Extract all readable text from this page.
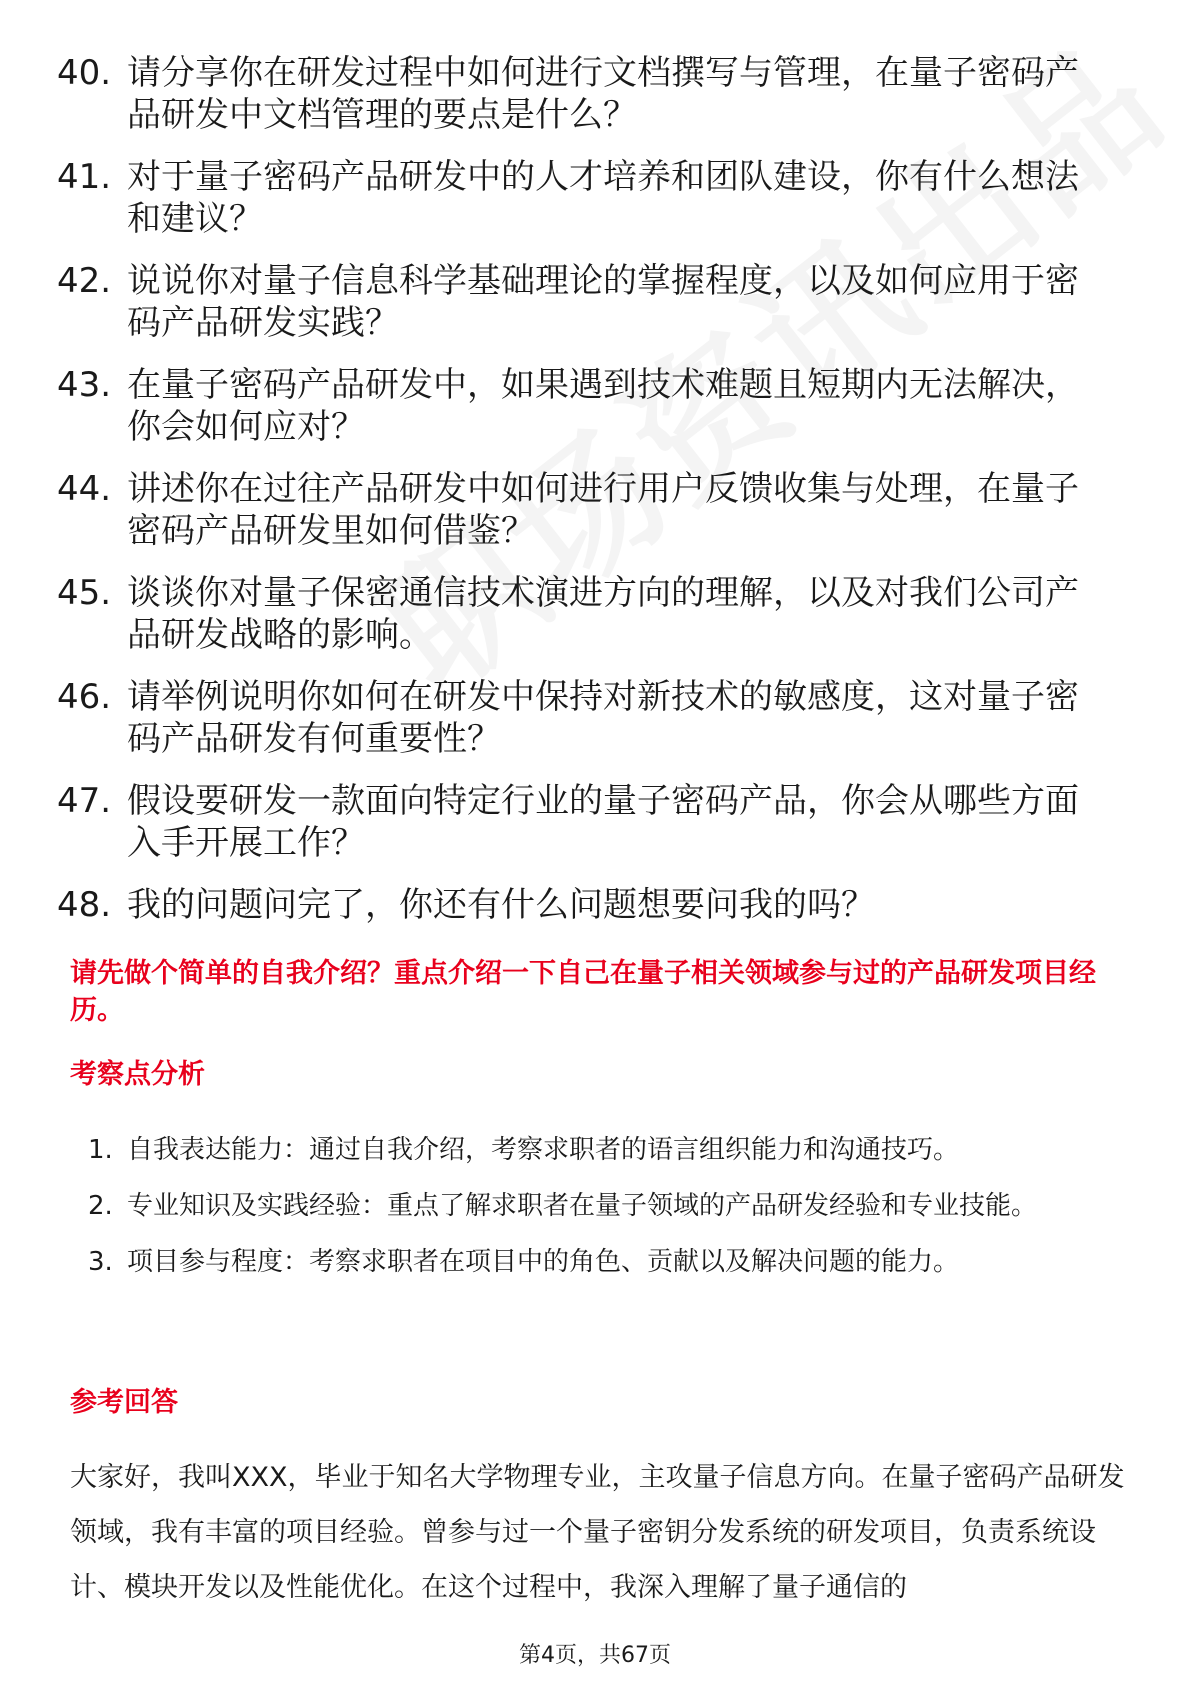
40. 请分享你在研发过程中如何进行文档撰写与管理，在量子密码产品研发中文档管理的要点是什么？
41. 对于量子密码产品研发中的人才培养和团队建设，你有什么想法和建议？
42. 说说你对量子信息科学基础理论的掌握程度，以及如何应用于密码产品研发实践？
43. 在量子密码产品研发中，如果遇到技术难题且短期内无法解决，你会如何应对？
44. 讲述你在过往产品研发中如何进行用户反馈收集与处理，在量子密码产品研发里如何借鉴？
45. 谈谈你对量子保密通信技术演进方向的理解，以及对我们公司产品研发战略的影响。
46. 请举例说明你如何在研发中保持对新技术的敏感度，这对量子密码产品研发有何重要性？
47. 假设要研发一款面向特定行业的量子密码产品，你会从哪些方面入手开展工作？
48. 我的问题问完了，你还有什么问题想要问我的吗？
请先做个简单的自我介绍？重点介绍一下自己在量子相关领域参与过的产品研发项目经历。
考察点分析
1. 自我表达能力：通过自我介绍，考察求职者的语言组织能力和沟通技巧。
2. 专业知识及实践经验：重点了解求职者在量子领域的产品研发经验和专业技能。
3. 项目参与程度：考察求职者在项目中的角色、贡献以及解决问题的能力。
参考回答
大家好，我叫XXX，毕业于知名大学物理专业，主攻量子信息方向。在量子密码产品研发领域，我有丰富的项目经验。曾参与过一个量子密钥分发系统的研发项目，负责系统设计、模块开发以及性能优化。在这个过程中，我深入理解了量子通信的
第4页，共67页
